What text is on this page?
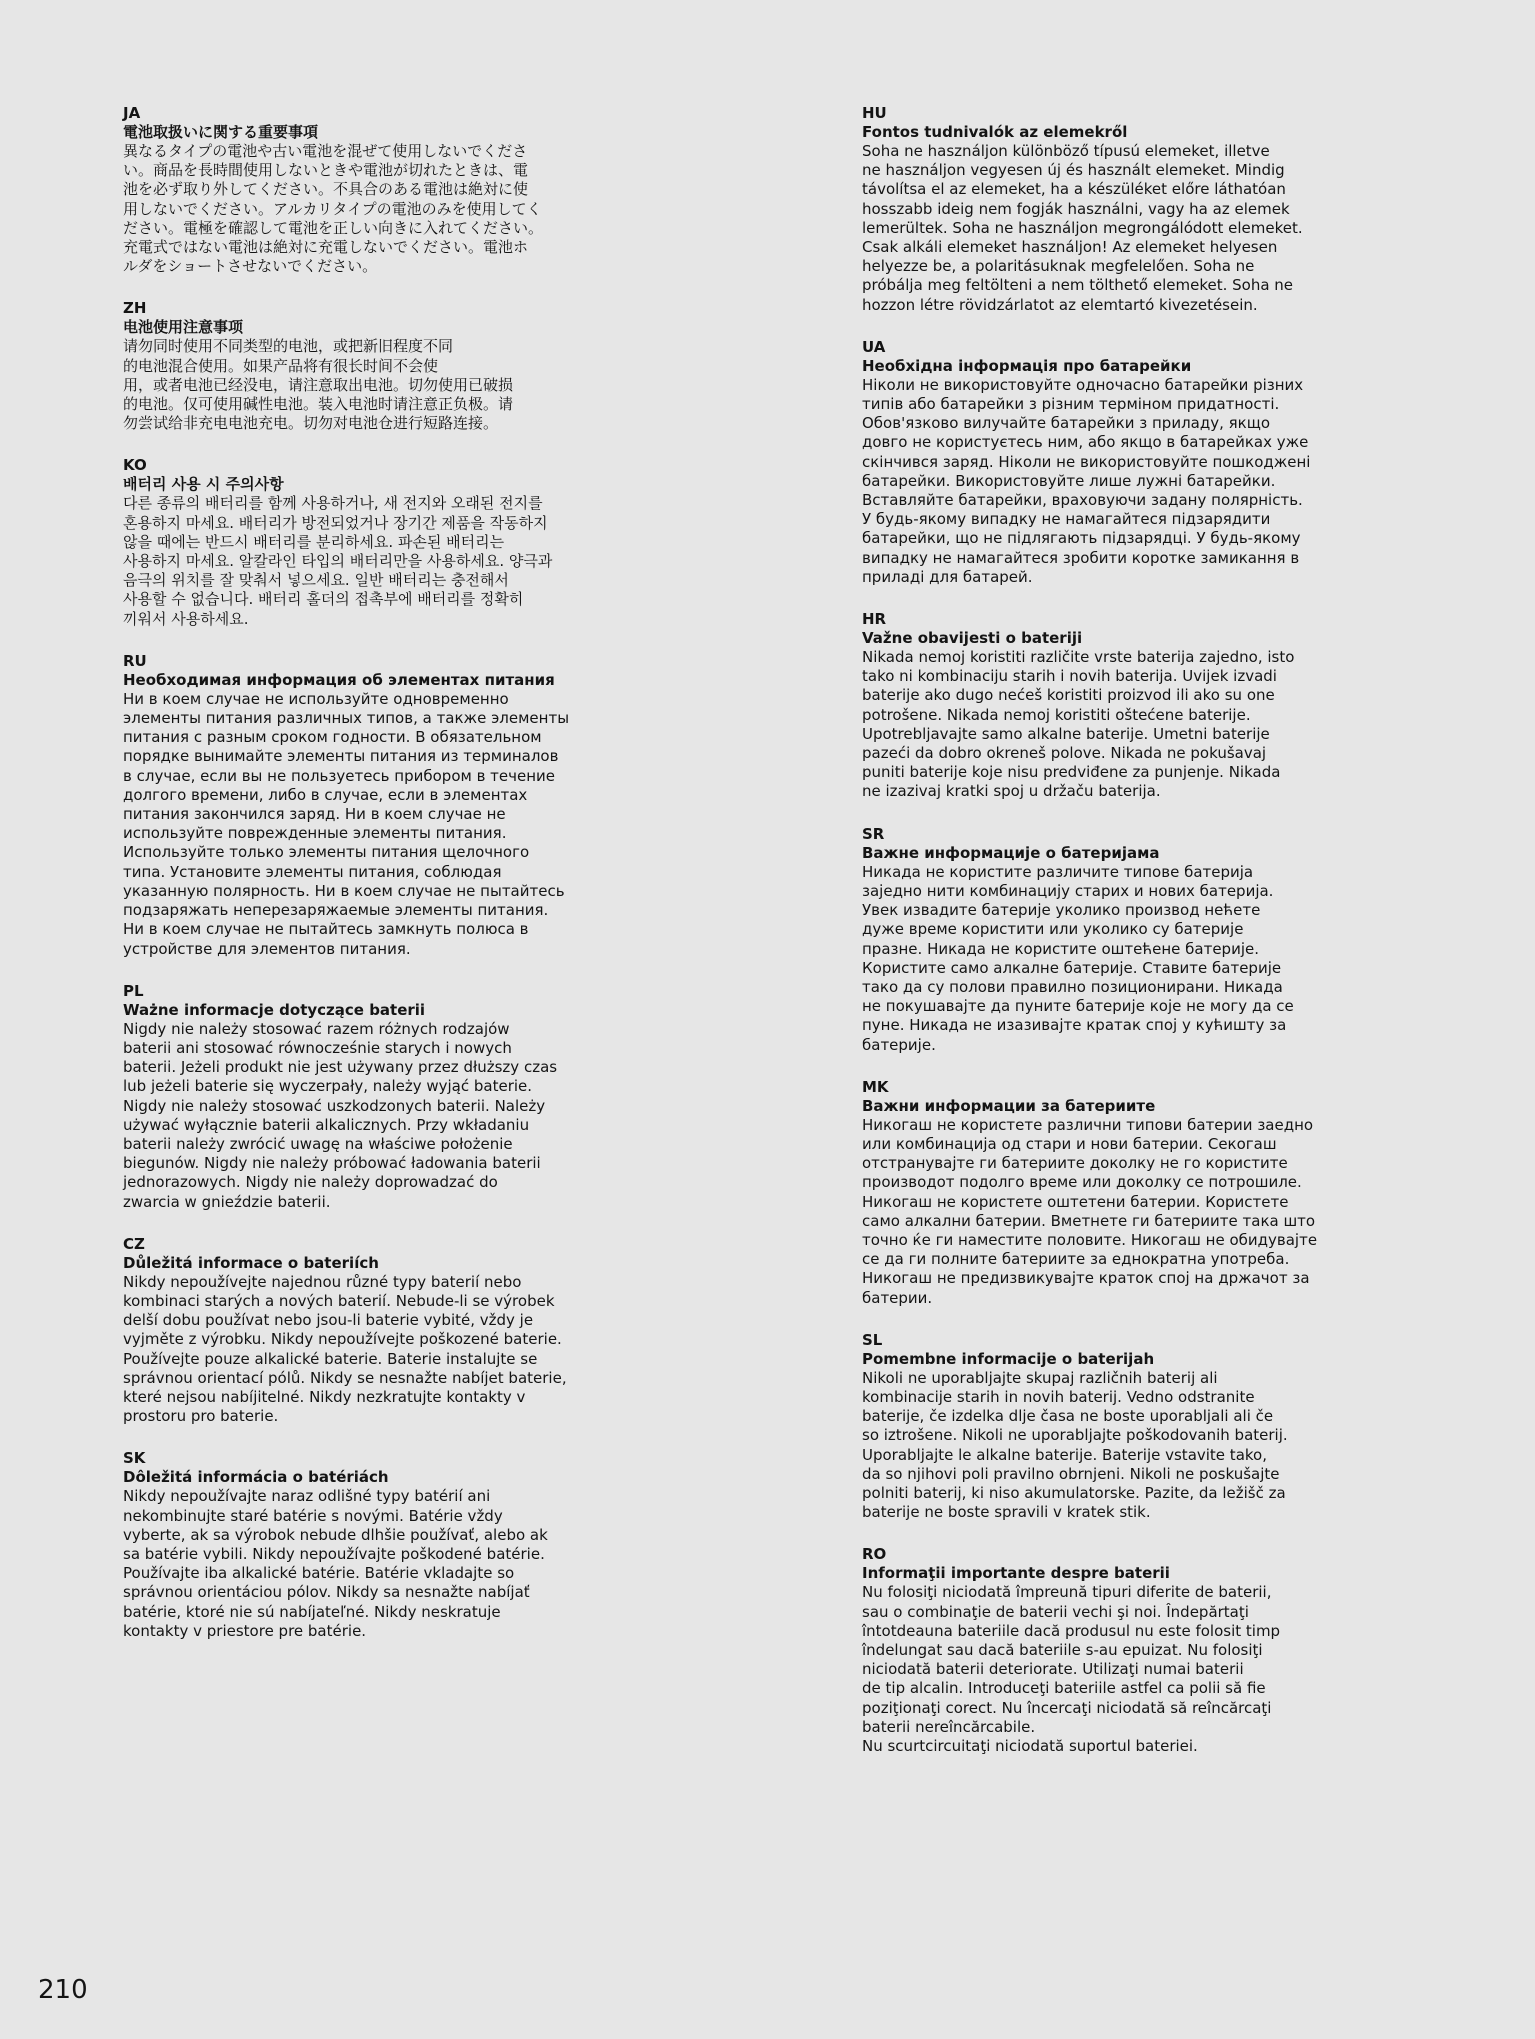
JA
電池取扱いに関する重要事項
異なるタイプの電池や古い電池を混ぜて使用しないでくださ
い。商品を長時間使用しないときや電池が切れたときは、電
池を必ず取り外してください。不具合のある電池は絶対に使
用しないでください。アルカリタイプの電池のみを使用してく
ださい。電極を確認して電池を正しい向きに入れてください。
充電式ではない電池は絶対に充電しないでください。電池ホ
ルダをショートさせないでください。
ZH
电池使用注意事项
请勿同时使用不同类型的电池，或把新旧程度不同
的电池混合使用。如果产品将有很长时间不会使
用，或者电池已经没电，请注意取出电池。切勿使用已破损
的电池。仅可使用碱性电池。装入电池时请注意正负极。请
勿尝试给非充电电池充电。切勿对电池仓进行短路连接。
KO
배터리 사용 시 주의사항
다른 종류의 배터리를 함께 사용하거나, 새 전지와 오래된 전지를
혼용하지 마세요. 배터리가 방전되었거나 장기간 제품을 작동하지
않을 때에는 반드시 배터리를 분리하세요. 파손된 배터리는
사용하지 마세요. 알칼라인 타입의 배터리만을 사용하세요. 양극과
음극의 위치를 잘 맞춰서 넣으세요. 일반 배터리는 충전해서
사용할 수 없습니다. 배터리 홀더의 접촉부에 배터리를 정확히
끼워서 사용하세요.
RU
Необходимая информация об элементах питания
Ни в коем случае не используйте одновременно
элементы питания различных типов, а также элементы
питания с разным сроком годности. В обязательном
порядке вынимайте элементы питания из терминалов
в случае, если вы не пользуетесь прибором в течение
долгого времени, либо в случае, если в элементах
питания закончился заряд. Ни в коем случае не
используйте поврежденные элементы питания.
Используйте только элементы питания щелочного
типа. Установите элементы питания, соблюдая
указанную полярность. Ни в коем случае не пытайтесь
подзаряжать неперезаряжаемые элементы питания.
Ни в коем случае не пытайтесь замкнуть полюса в
устройстве для элементов питания.
PL
Ważne informacje dotyczące baterii
Nigdy nie należy stosować razem różnych rodzajów
baterii ani stosować równocześnie starych i nowych
baterii. Jeżeli produkt nie jest używany przez dłuższy czas
lub jeżeli baterie się wyczerpały, należy wyjąć baterie.
Nigdy nie należy stosować uszkodzonych baterii. Należy
używać wyłącznie baterii alkalicznych. Przy wkładaniu
baterii należy zwrócić uwagę na właściwe położenie
biegunów. Nigdy nie należy próbować ładowania baterii
jednorazowych. Nigdy nie należy doprowadzać do
zwarcia w gnieździe baterii.
CZ
Důležitá informace o bateriích
Nikdy nepoužívejte najednou různé typy baterií nebo
kombinaci starých a nových baterií. Nebude-li se výrobek
delší dobu používat nebo jsou-li baterie vybité, vždy je
vyjměte z výrobku. Nikdy nepoužívejte poškozené baterie.
Používejte pouze alkalické baterie. Baterie instalujte se
správnou orientací pólů. Nikdy se nesnažte nabíjet baterie,
které nejsou nabíjitelné. Nikdy nezkratujte kontakty v
prostoru pro baterie.
SK
Dôležitá informácia o batériách
Nikdy nepoužívajte naraz odlišné typy batérií ani
nekombinujte staré batérie s novými. Batérie vždy
vyberte, ak sa výrobok nebude dlhšie používať, alebo ak
sa batérie vybili. Nikdy nepoužívajte poškodené batérie.
Používajte iba alkalické batérie. Batérie vkladajte so
správnou orientáciou pólov. Nikdy sa nesnažte nabíjať
batérie, ktoré nie sú nabíjateľné. Nikdy neskratuje
kontakty v priestore pre batérie.
HU
Fontos tudnivalók az elemekről
Soha ne használjon különböző típusú elemeket, illetve
ne használjon vegyesen új és használt elemeket. Mindig
távolítsa el az elemeket, ha a készüléket előre láthatóan
hosszabb ideig nem fogják használni, vagy ha az elemek
lemerültek. Soha ne használjon megrongálódott elemeket.
Csak alkáli elemeket használjon! Az elemeket helyesen
helyezze be, a polaritásuknak megfelelően. Soha ne
próbálja meg feltölteni a nem tölthető elemeket. Soha ne
hozzon létre rövidzárlatot az elemtartó kivezetésein.
UA
Необхідна інформація про батарейки
Ніколи не використовуйте одночасно батарейки різних
типів або батарейки з різним терміном придатності.
Обов'язково вилучайте батарейки з приладу, якщо
довго не користуєтесь ним, або якщо в батарейках уже
скінчився заряд. Ніколи не використовуйте пошкоджені
батарейки. Використовуйте лише лужні батарейки.
Вставляйте батарейки, враховуючи задану полярність.
У будь-якому випадку не намагайтеся підзарядити
батарейки, що не підлягають підзарядці. У будь-якому
випадку не намагайтеся зробити коротке замикання в
приладі для батарей.
HR
Važne obavijesti o bateriji
Nikada nemoj koristiti različite vrste baterija zajedno, isto
tako ni kombinaciju starih i novih baterija. Uvijek izvadi
baterije ako dugo nećeš koristiti proizvod ili ako su one
potrošene. Nikada nemoj koristiti oštećene baterije.
Upotrebljavajte samo alkalne baterije. Umetni baterije
pazeći da dobro okreneš polove. Nikada ne pokušavaj
puniti baterije koje nisu predviđene za punjenje. Nikada
ne izazivaj kratki spoj u držaču baterija.
SR
Важне информације о батеријама
Никада не користите различите типове батерија
заједно нити комбинацију старих и нових батерија.
Увек извадите батерије уколико производ нећете
дуже време користити или уколико су батерије
празне. Никада не користите оштећене батерије.
Користите само алкалне батерије. Ставите батерије
тако да су полови правилно позиционирани. Никада
не покушавајте да пуните батерије које не могу да се
пуне. Никада не изазивајте кратак спој у кућишту за
батерије.
MK
Важни информации за батериите
Никогаш не користете различни типови батерии заедно
или комбинација од стари и нови батерии. Секогаш
отстранувајте ги батериите доколку не го користите
производот подолго време или доколку се потрошиле.
Никогаш не користете оштетени батерии. Користете
само алкални батерии. Вметнете ги батериите така што
точно ќе ги наместите половите. Никогаш не обидувајте
се да ги полните батериите за еднократна употреба.
Никогаш не предизвикувајте краток спој на држачот за
батерии.
SL
Pomembne informacije o baterijah
Nikoli ne uporabljajte skupaj različnih baterij ali
kombinacije starih in novih baterij. Vedno odstranite
baterije, če izdelka dlje časa ne boste uporabljali ali če
so iztrošene. Nikoli ne uporabljajte poškodovanih baterij.
Uporabljajte le alkalne baterije. Baterije vstavite tako,
da so njihovi poli pravilno obrnjeni. Nikoli ne poskušajte
polniti baterij, ki niso akumulatorske. Pazite, da ležišč za
baterije ne boste spravili v kratek stik.
RO
Informaţii importante despre baterii
Nu folosiţi niciodată împreună tipuri diferite de baterii,
sau o combinaţie de baterii vechi şi noi. Îndepărtaţi
întotdeauna bateriile dacă produsul nu este folosit timp
îndelungat sau dacă bateriile s-au epuizat. Nu folosiţi
niciodată baterii deteriorate. Utilizaţi numai baterii
de tip alcalin. Introduceţi bateriile astfel ca polii să fie
poziţionaţi corect. Nu încercaţi niciodată să reîncărcaţi
baterii nereîncărcabile.
Nu scurtcircuitaţi niciodată suportul bateriei.
210
